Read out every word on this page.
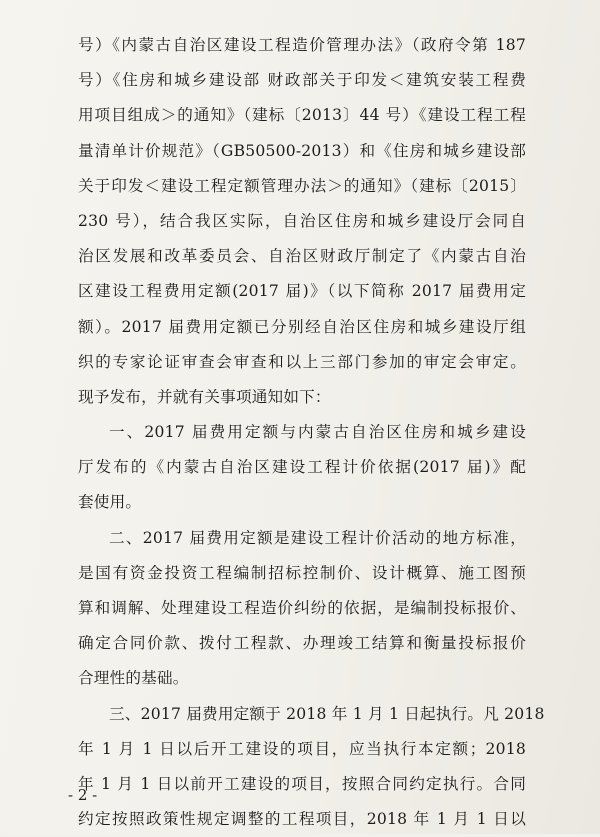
号）《内蒙古自治区建设工程造价管理办法》（政府令第 187
号）《住房和城乡建设部 财政部关于印发＜建筑安装工程费
用项目组成＞的通知》（建标〔2013〕44 号）《建设工程工程
量清单计价规范》（GB50500-2013）和《住房和城乡建设部
关于印发＜建设工程定额管理办法＞的通知》（建标〔2015〕
230 号），结合我区实际，自治区住房和城乡建设厅会同自
治区发展和改革委员会、自治区财政厅制定了《内蒙古自治
区建设工程费用定额(2017 届)》（以下简称 2017 届费用定
额）。2017 届费用定额已分别经自治区住房和城乡建设厅组
织的专家论证审查会审查和以上三部门参加的审定会审定。
现予发布，并就有关事项通知如下：
一、2017 届费用定额与内蒙古自治区住房和城乡建设
厅发布的《内蒙古自治区建设工程计价依据(2017 届)》配
套使用。
二、2017 届费用定额是建设工程计价活动的地方标准，
是国有资金投资工程编制招标控制价、设计概算、施工图预
算和调解、处理建设工程造价纠纷的依据，是编制投标报价、
确定合同价款、拨付工程款、办理竣工结算和衡量投标报价
合理性的基础。
三、2017 届费用定额于 2018 年 1 月 1 日起执行。凡 2018
年 1 月 1 日以后开工建设的项目，应当执行本定额；2018
年 1 月 1 日以前开工建设的项目，按照合同约定执行。合同
约定按照政策性规定调整的工程项目，2018 年 1 月 1 日以
- 2 -
